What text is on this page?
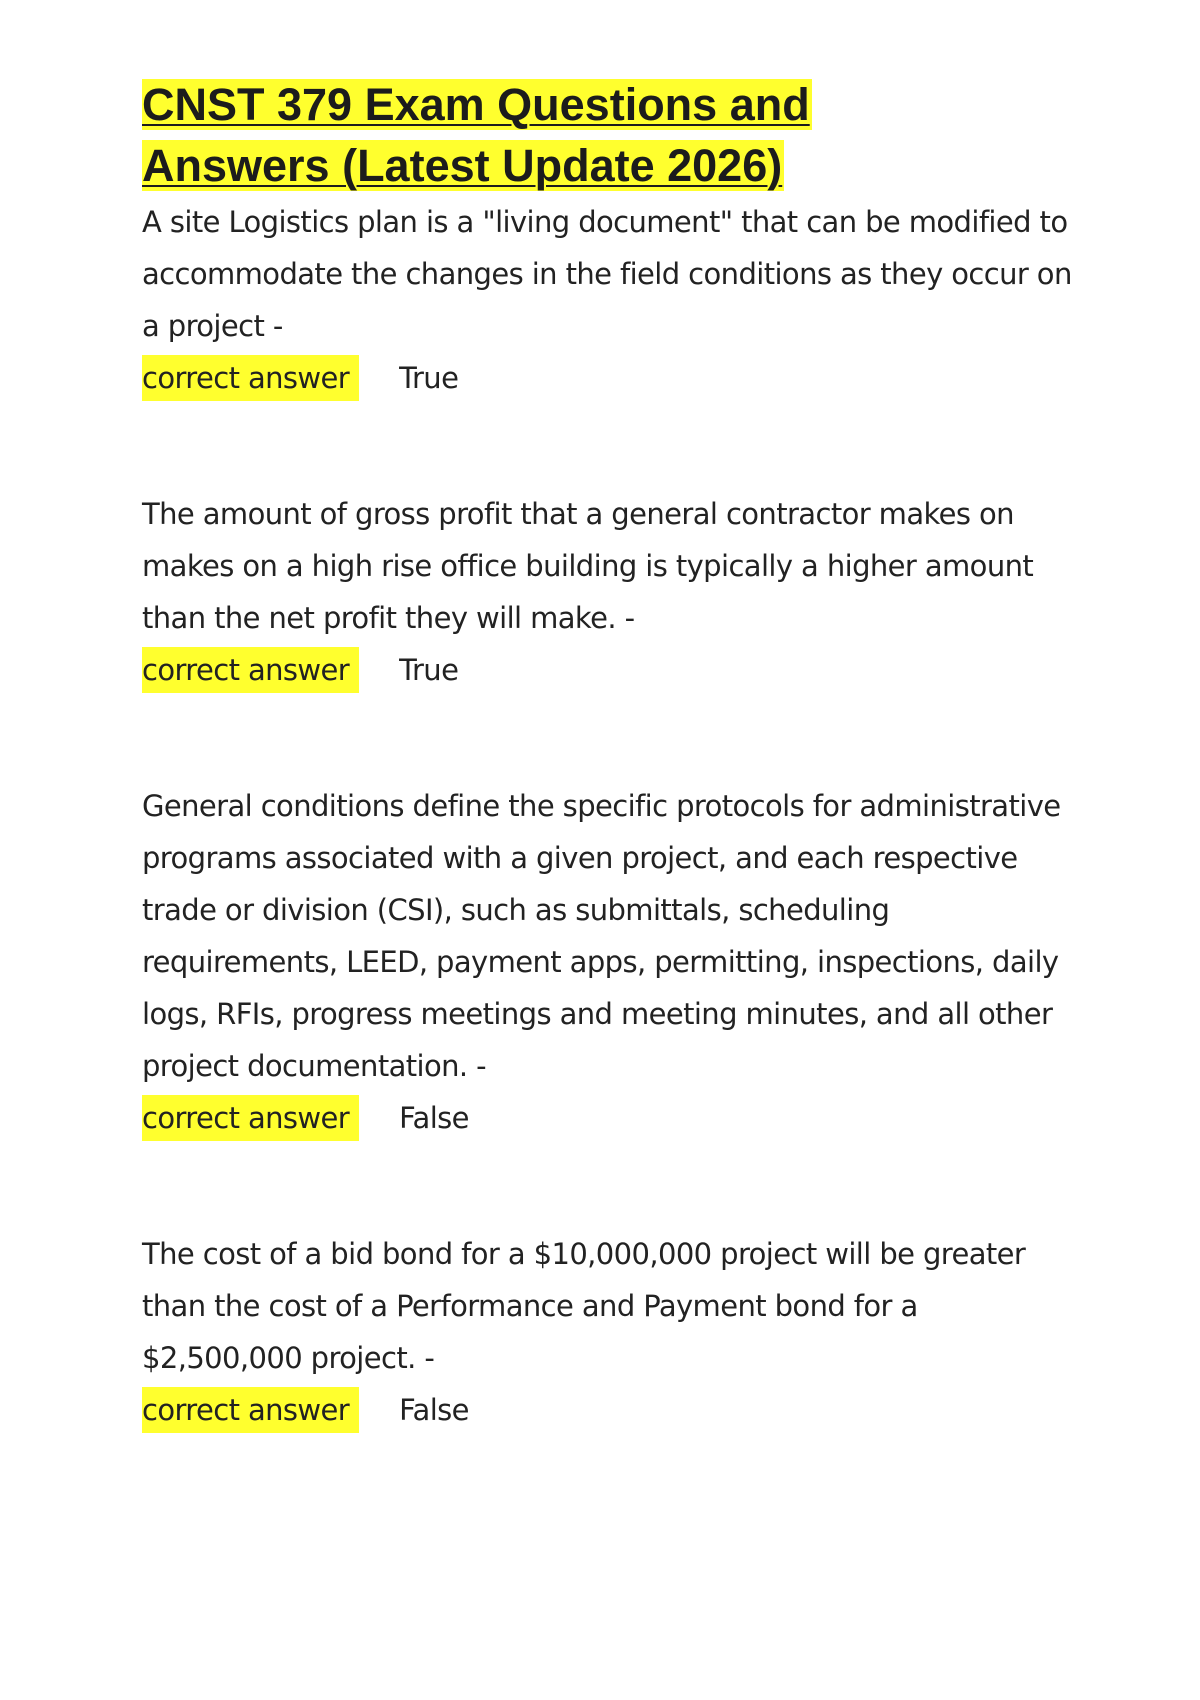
CNST 379 Exam Questions and
Answers (Latest Update 2026)

A site Logistics plan is a "living document" that can be modified to accommodate the changes in the field conditions as they occur on a project -

correct answer True

The amount of gross profit that a general contractor makes on makes on a high rise office building is typically a higher amount than the net profit they will make. -

correct answer True

General conditions define the specific protocols for administrative programs associated with a given project, and each respective trade or division (CSI), such as submittals, scheduling requirements, LEED, payment apps, permitting, inspections, daily logs, RFIs, progress meetings and meeting minutes, and all other project documentation. -

correct answer False

The cost of a bid bond for a $10,000,000 project will be greater than the cost of a Performance and Payment bond for a $2,500,000 project. -

correct answer False
